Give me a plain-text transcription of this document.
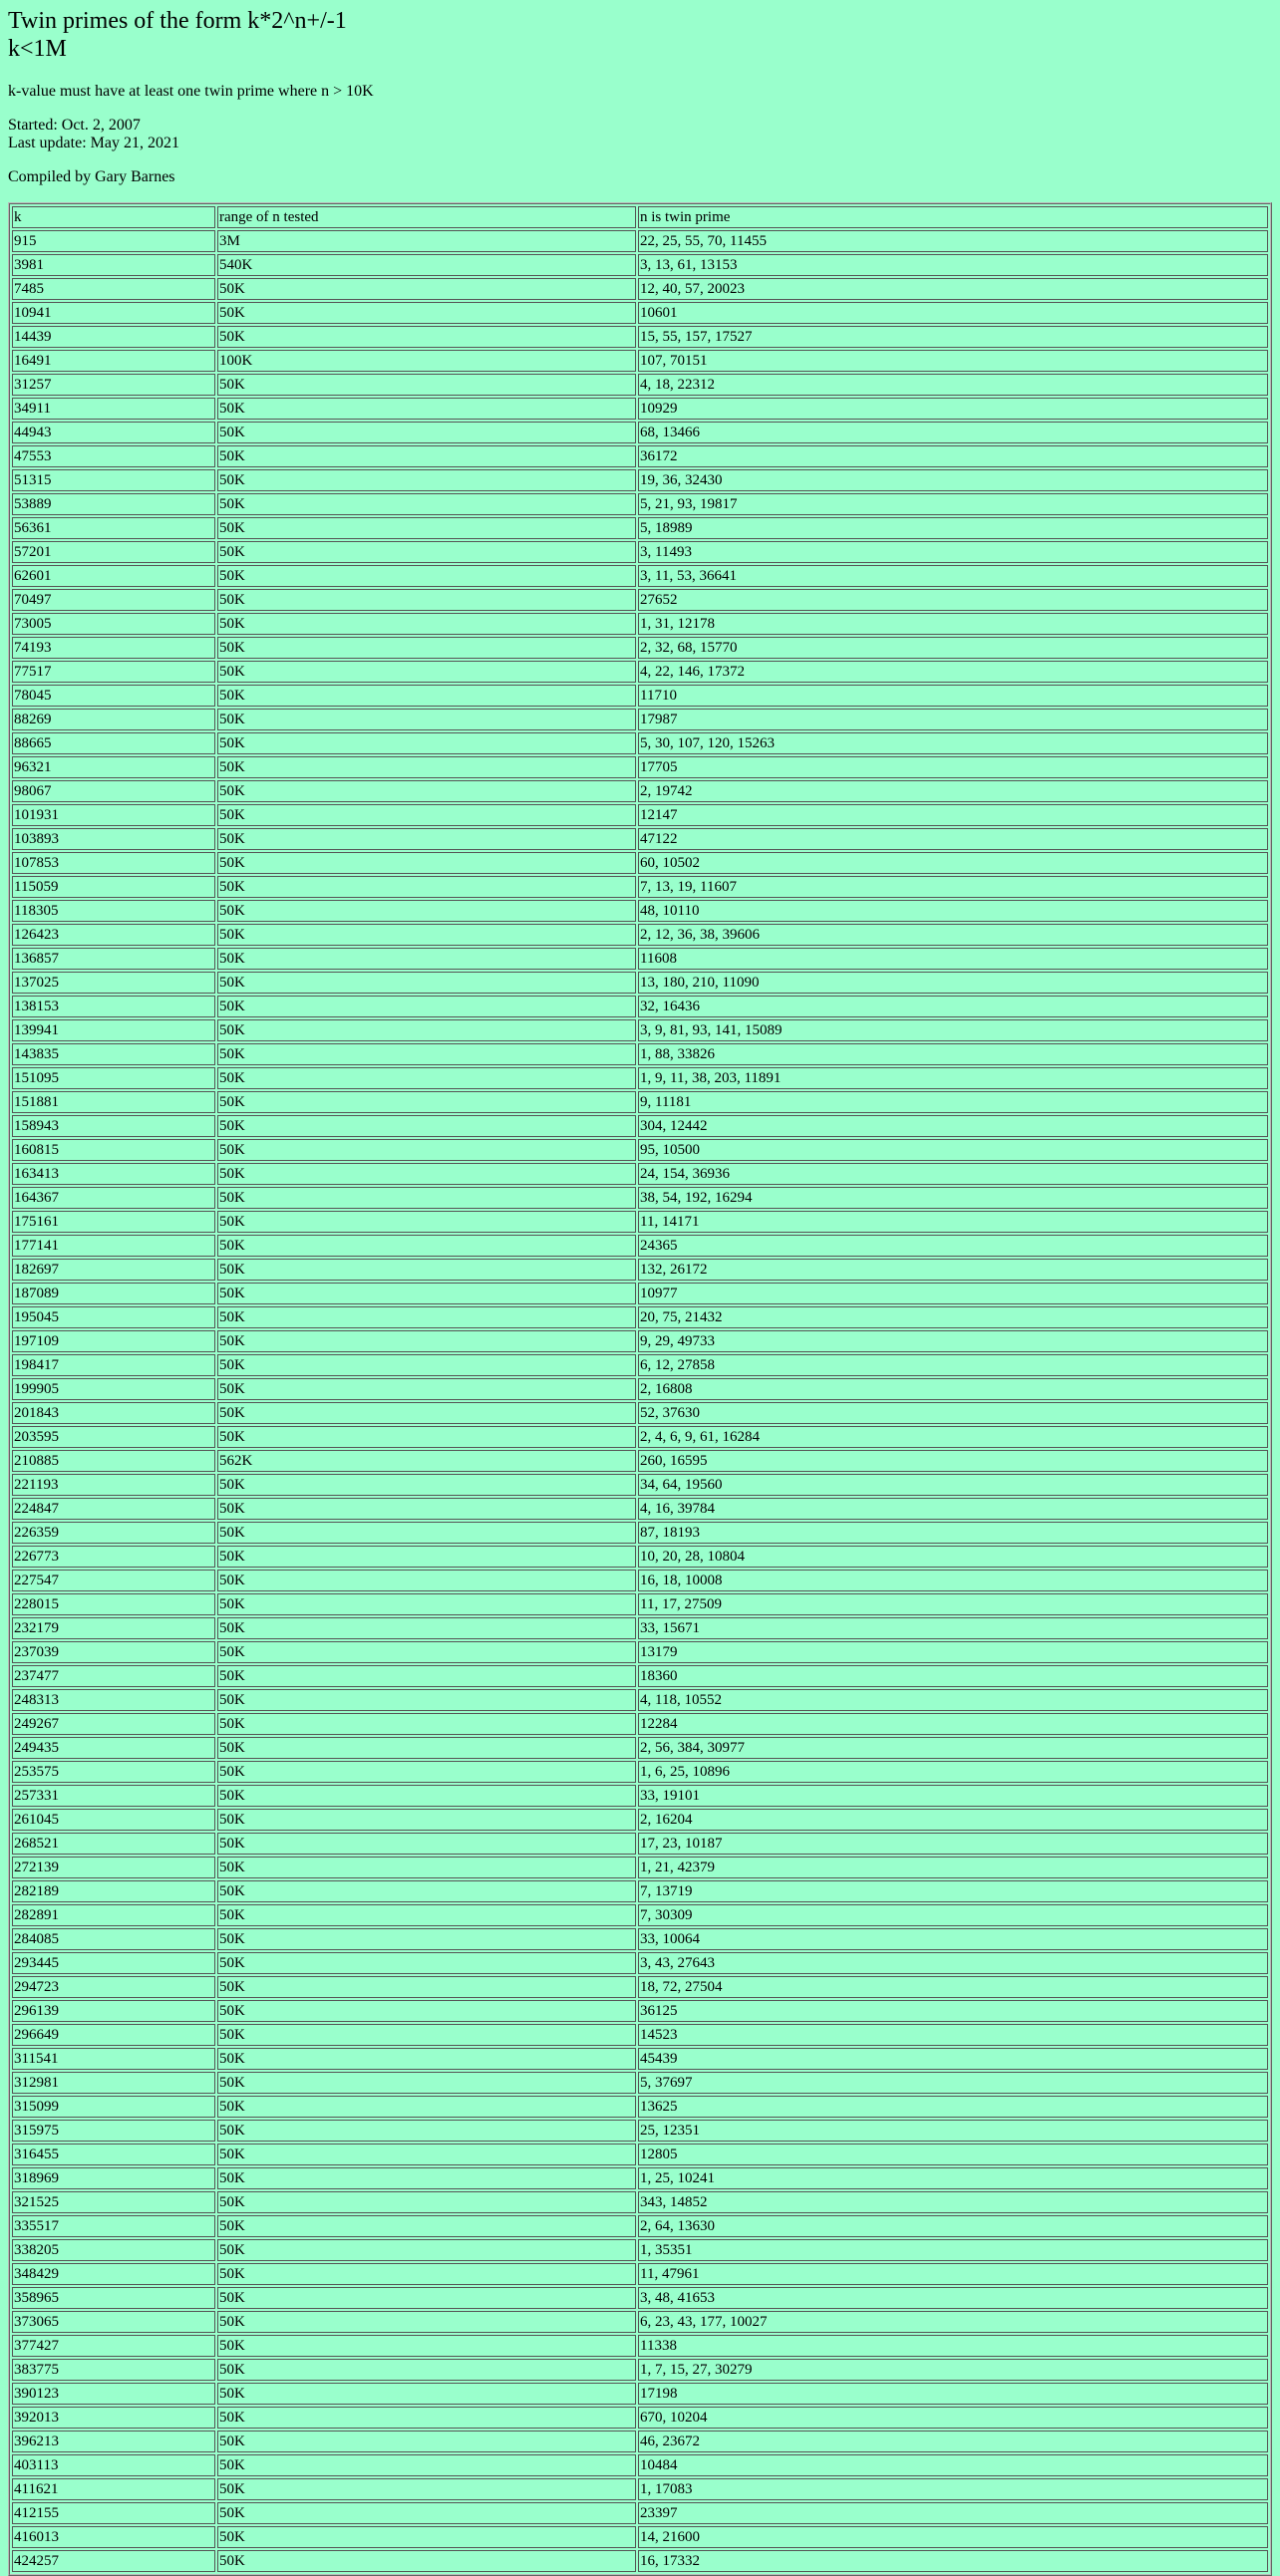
Twin primes of the form k*2^n+/-1
k<1M

k-value must have at least one twin prime where n > 10K

Started: Oct. 2, 2007
Last update: May 21, 2021

Compiled by Gary Barnes

k	range of n tested	n is twin prime
915	3M	22, 25, 55, 70, 11455
3981	540K	3, 13, 61, 13153
7485	50K	12, 40, 57, 20023
10941	50K	10601
14439	50K	15, 55, 157, 17527
16491	100K	107, 70151
31257	50K	4, 18, 22312
34911	50K	10929
44943	50K	68, 13466
47553	50K	36172
51315	50K	19, 36, 32430
53889	50K	5, 21, 93, 19817
56361	50K	5, 18989
57201	50K	3, 11493
62601	50K	3, 11, 53, 36641
70497	50K	27652
73005	50K	1, 31, 12178
74193	50K	2, 32, 68, 15770
77517	50K	4, 22, 146, 17372
78045	50K	11710
88269	50K	17987
88665	50K	5, 30, 107, 120, 15263
96321	50K	17705
98067	50K	2, 19742
101931	50K	12147
103893	50K	47122
107853	50K	60, 10502
115059	50K	7, 13, 19, 11607
118305	50K	48, 10110
126423	50K	2, 12, 36, 38, 39606
136857	50K	11608
137025	50K	13, 180, 210, 11090
138153	50K	32, 16436
139941	50K	3, 9, 81, 93, 141, 15089
143835	50K	1, 88, 33826
151095	50K	1, 9, 11, 38, 203, 11891
151881	50K	9, 11181
158943	50K	304, 12442
160815	50K	95, 10500
163413	50K	24, 154, 36936
164367	50K	38, 54, 192, 16294
175161	50K	11, 14171
177141	50K	24365
182697	50K	132, 26172
187089	50K	10977
195045	50K	20, 75, 21432
197109	50K	9, 29, 49733
198417	50K	6, 12, 27858
199905	50K	2, 16808
201843	50K	52, 37630
203595	50K	2, 4, 6, 9, 61, 16284
210885	562K	260, 16595
221193	50K	34, 64, 19560
224847	50K	4, 16, 39784
226359	50K	87, 18193
226773	50K	10, 20, 28, 10804
227547	50K	16, 18, 10008
228015	50K	11, 17, 27509
232179	50K	33, 15671
237039	50K	13179
237477	50K	18360
248313	50K	4, 118, 10552
249267	50K	12284
249435	50K	2, 56, 384, 30977
253575	50K	1, 6, 25, 10896
257331	50K	33, 19101
261045	50K	2, 16204
268521	50K	17, 23, 10187
272139	50K	1, 21, 42379
282189	50K	7, 13719
282891	50K	7, 30309
284085	50K	33, 10064
293445	50K	3, 43, 27643
294723	50K	18, 72, 27504
296139	50K	36125
296649	50K	14523
311541	50K	45439
312981	50K	5, 37697
315099	50K	13625
315975	50K	25, 12351
316455	50K	12805
318969	50K	1, 25, 10241
321525	50K	343, 14852
335517	50K	2, 64, 13630
338205	50K	1, 35351
348429	50K	11, 47961
358965	50K	3, 48, 41653
373065	50K	6, 23, 43, 177, 10027
377427	50K	11338
383775	50K	1, 7, 15, 27, 30279
390123	50K	17198
392013	50K	670, 10204
396213	50K	46, 23672
403113	50K	10484
411621	50K	1, 17083
412155	50K	23397
416013	50K	14, 21600
424257	50K	16, 17332
